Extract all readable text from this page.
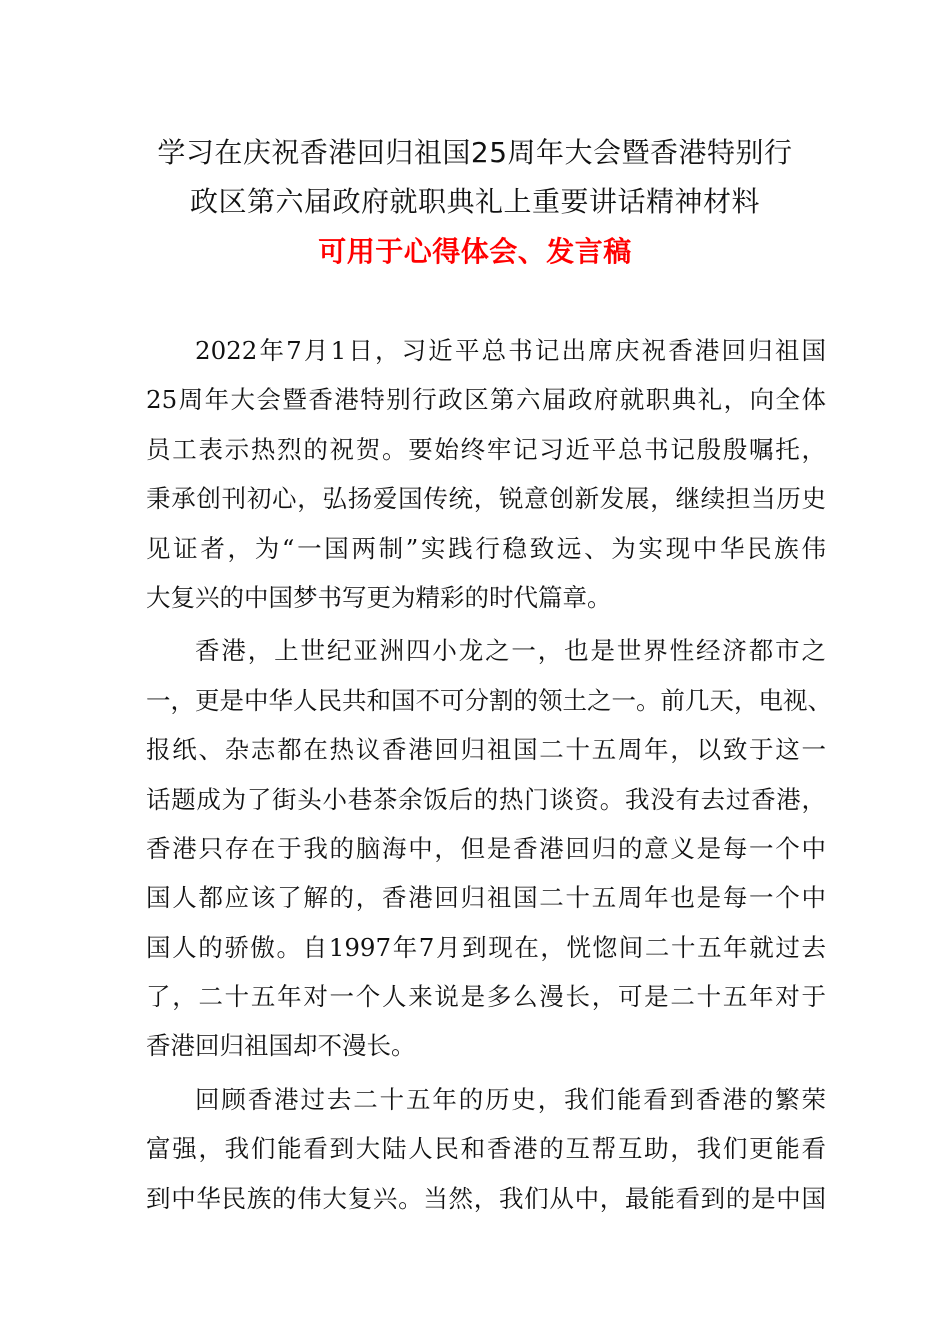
学习在庆祝香港回归祖国25周年大会暨香港特别行
政区第六届政府就职典礼上重要讲话精神材料
可用于心得体会、发言稿
2022年7月1日，习近平总书记出席庆祝香港回归祖国
25周年大会暨香港特别行政区第六届政府就职典礼，向全体
员工表示热烈的祝贺。要始终牢记习近平总书记殷殷嘱托，
秉承创刊初心，弘扬爱国传统，锐意创新发展，继续担当历史
见证者，为“一国两制”实践行稳致远、为实现中华民族伟
大复兴的中国梦书写更为精彩的时代篇章。
香港，上世纪亚洲四小龙之一，也是世界性经济都市之
一，更是中华人民共和国不可分割的领土之一。前几天，电视、
报纸、杂志都在热议香港回归祖国二十五周年，以致于这一
话题成为了街头小巷茶余饭后的热门谈资。我没有去过香港，
香港只存在于我的脑海中，但是香港回归的意义是每一个中
国人都应该了解的，香港回归祖国二十五周年也是每一个中
国人的骄傲。自1997年7月到现在，恍惚间二十五年就过去
了，二十五年对一个人来说是多么漫长，可是二十五年对于
香港回归祖国却不漫长。
回顾香港过去二十五年的历史，我们能看到香港的繁荣
富强，我们能看到大陆人民和香港的互帮互助，我们更能看
到中华民族的伟大复兴。当然，我们从中，最能看到的是中国
